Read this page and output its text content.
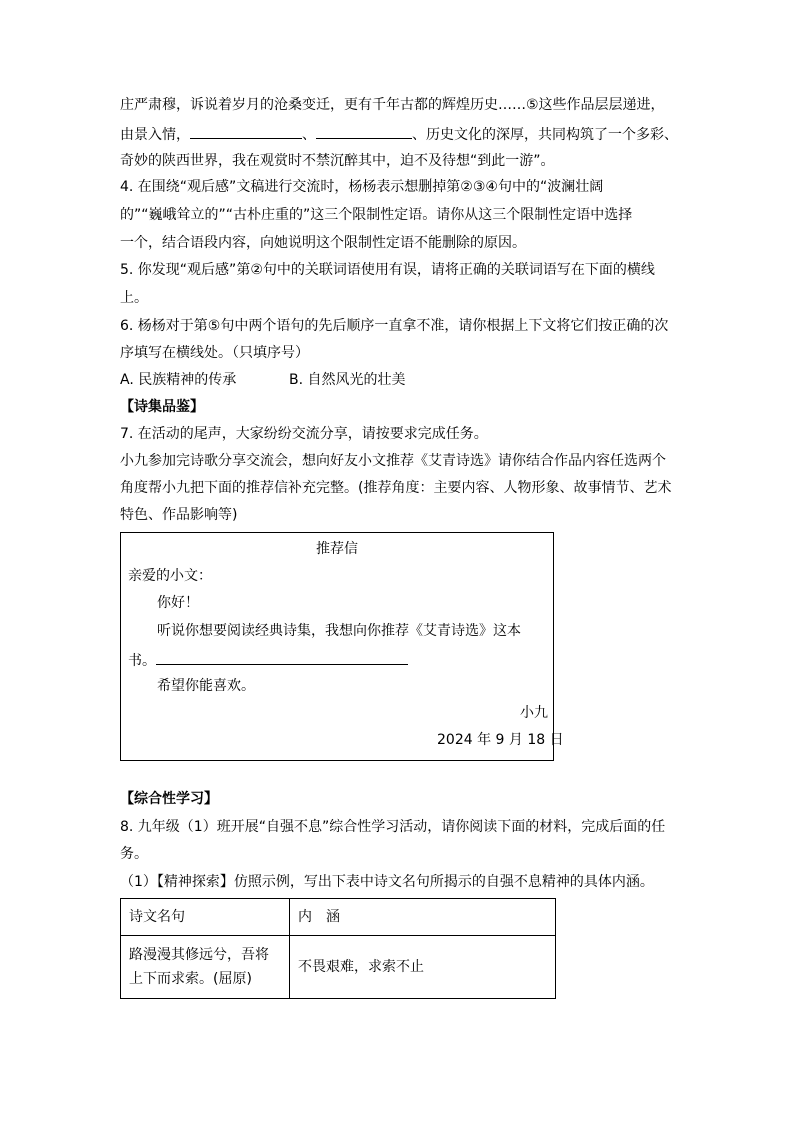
庄严肃穆，诉说着岁月的沧桑变迁，更有千年古都的辉煌历史……⑤这些作品层层递进，
由景入情，	、	、历史文化的深厚，共同构筑了一个多彩、
奇妙的陕西世界，我在观赏时不禁沉醉其中，迫不及待想“到此一游”。
4. 在围绕“观后感”文稿进行交流时，杨杨表示想删掉第②③④句中的“波澜壮阔
的”“巍峨耸立的”“古朴庄重的”这三个限制性定语。请你从这三个限制性定语中选择
一个，结合语段内容，向她说明这个限制性定语不能删除的原因。
5. 你发现“观后感”第②句中的关联词语使用有误，请将正确的关联词语写在下面的横线
上。
6. 杨杨对于第⑤句中两个语句的先后顺序一直拿不准，请你根据上下文将它们按正确的次
序填写在横线处。（只填序号）
A. 民族精神的传承	B. 自然风光的壮美
【诗集品鉴】
7. 在活动的尾声，大家纷纷交流分享，请按要求完成任务。
小九参加完诗歌分享交流会，想向好友小文推荐《艾青诗选》请你结合作品内容任选两个
角度帮小九把下面的推荐信补充完整。(推荐角度：主要内容、人物形象、故事情节、艺术
特色、作品影响等)
推荐信
亲爱的小文：
你好！
听说你想要阅读经典诗集，我想向你推荐《艾青诗选》这本
书。
希望你能喜欢。
小九
2024 年 9 月 18 日
【综合性学习】
8. 九年级（1）班开展“自强不息”综合性学习活动，请你阅读下面的材料，完成后面的任
务。
（1）【精神探索】仿照示例，写出下表中诗文名句所揭示的自强不息精神的具体内涵。
诗文名句	内　涵

路漫漫其修远兮，吾将
上下而求索。(屈原)	不畏艰难，求索不止
